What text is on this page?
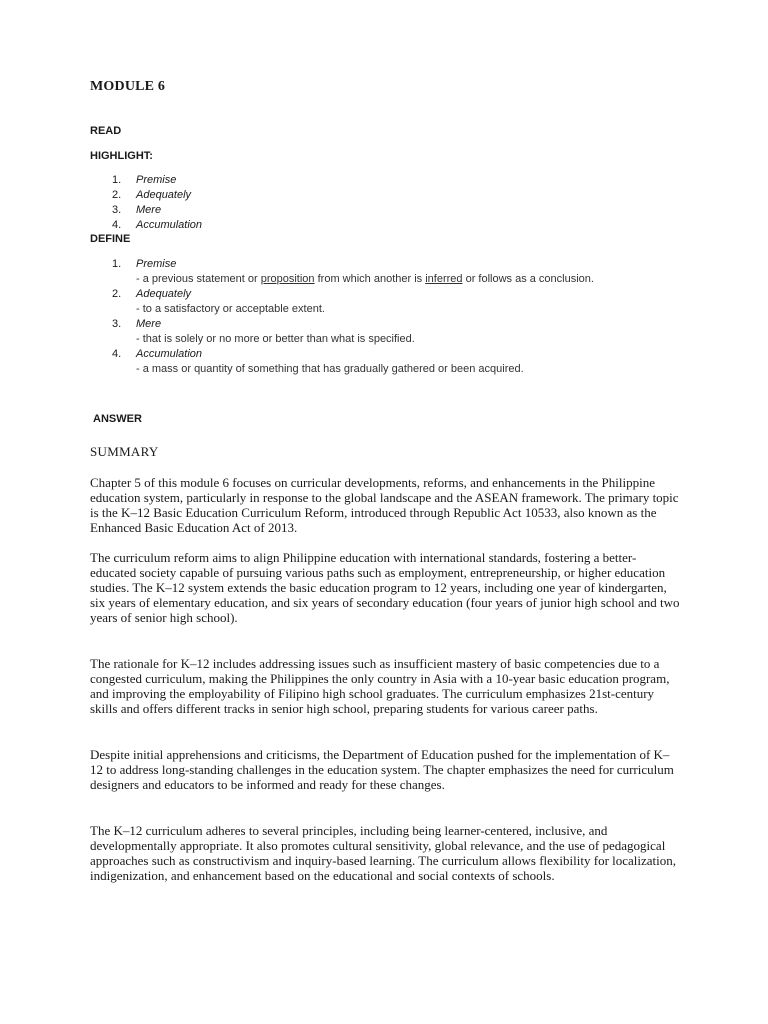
MODULE 6
READ
HIGHLIGHT:
1. Premise
2. Adequately
3. Mere
4. Accumulation
DEFINE
1. Premise
- a previous statement or proposition from which another is inferred or follows as a conclusion.
2. Adequately
- to a satisfactory or acceptable extent.
3. Mere
- that is solely or no more or better than what is specified.
4. Accumulation
- a mass or quantity of something that has gradually gathered or been acquired.
ANSWER
SUMMARY

Chapter 5 of this module 6 focuses on curricular developments, reforms, and enhancements in the Philippine education system, particularly in response to the global landscape and the ASEAN framework. The primary topic is the K–12 Basic Education Curriculum Reform, introduced through Republic Act 10533, also known as the Enhanced Basic Education Act of 2013.

The curriculum reform aims to align Philippine education with international standards, fostering a better-educated society capable of pursuing various paths such as employment, entrepreneurship, or higher education studies. The K–12 system extends the basic education program to 12 years, including one year of kindergarten, six years of elementary education, and six years of secondary education (four years of junior high school and two years of senior high school).

The rationale for K–12 includes addressing issues such as insufficient mastery of basic competencies due to a congested curriculum, making the Philippines the only country in Asia with a 10-year basic education program, and improving the employability of Filipino high school graduates. The curriculum emphasizes 21st-century skills and offers different tracks in senior high school, preparing students for various career paths.

Despite initial apprehensions and criticisms, the Department of Education pushed for the implementation of K–12 to address long-standing challenges in the education system. The chapter emphasizes the need for curriculum designers and educators to be informed and ready for these changes.

The K–12 curriculum adheres to several principles, including being learner-centered, inclusive, and developmentally appropriate. It also promotes cultural sensitivity, global relevance, and the use of pedagogical approaches such as constructivism and inquiry-based learning. The curriculum allows flexibility for localization, indigenization, and enhancement based on the educational and social contexts of schools.
